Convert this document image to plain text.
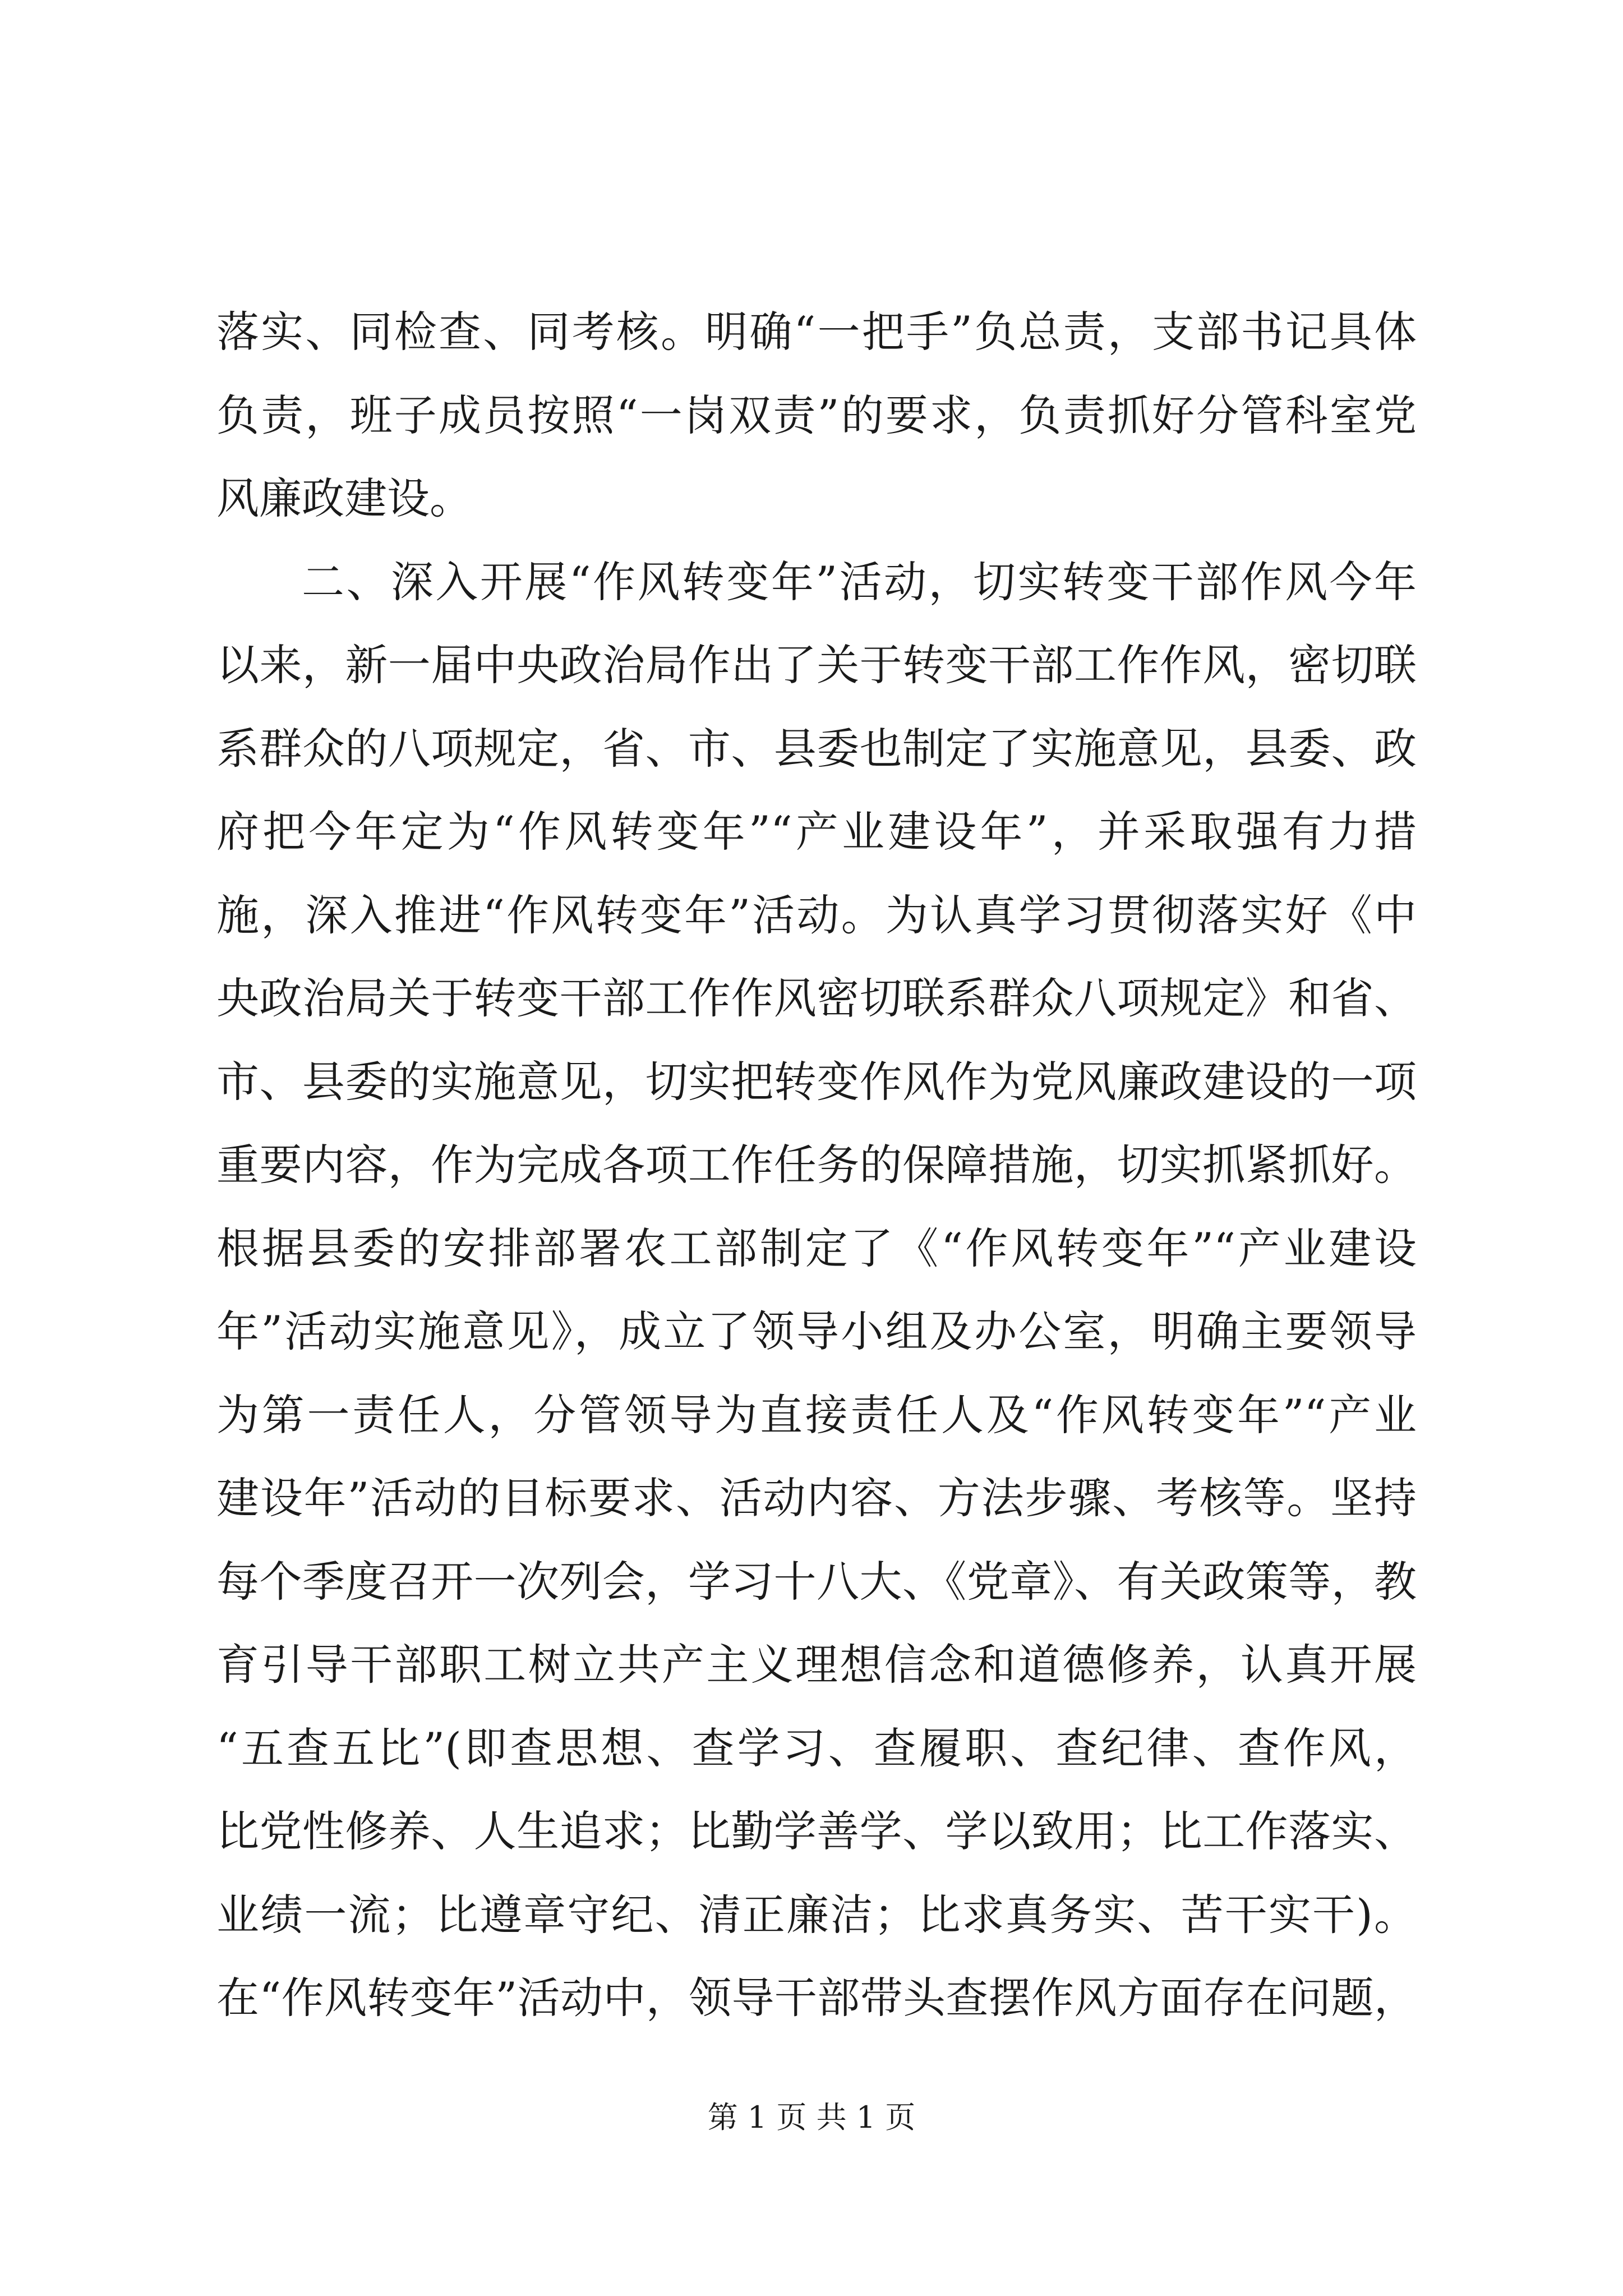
落实、同检查、同考核。明确“一把手”负总责，支部书记具体
负责，班子成员按照“一岗双责”的要求，负责抓好分管科室党
风廉政建设。
二、深入开展“作风转变年”活动，切实转变干部作风今年
以来，新一届中央政治局作出了关于转变干部工作作风，密切联
系群众的八项规定，省、市、县委也制定了实施意见，县委、政
府把今年定为“作风转变年”“产业建设年”，并采取强有力措
施，深入推进“作风转变年”活动。为认真学习贯彻落实好《中
央政治局关于转变干部工作作风密切联系群众八项规定》和省、
市、县委的实施意见，切实把转变作风作为党风廉政建设的一项
重要内容，作为完成各项工作任务的保障措施，切实抓紧抓好。
根据县委的安排部署农工部制定了《“作风转变年”“产业建设
年”活动实施意见》，成立了领导小组及办公室，明确主要领导
为第一责任人，分管领导为直接责任人及“作风转变年”“产业
建设年”活动的目标要求、活动内容、方法步骤、考核等。坚持
每个季度召开一次列会，学习十八大、《党章》、有关政策等，教
育引导干部职工树立共产主义理想信念和道德修养，认真开展
“五查五比”(即查思想、查学习、查履职、查纪律、查作风，
比党性修养、人生追求；比勤学善学、学以致用；比工作落实、
业绩一流；比遵章守纪、清正廉洁；比求真务实、苦干实干)。
在“作风转变年”活动中，领导干部带头查摆作风方面存在问题，
第 1 页 共 1 页
